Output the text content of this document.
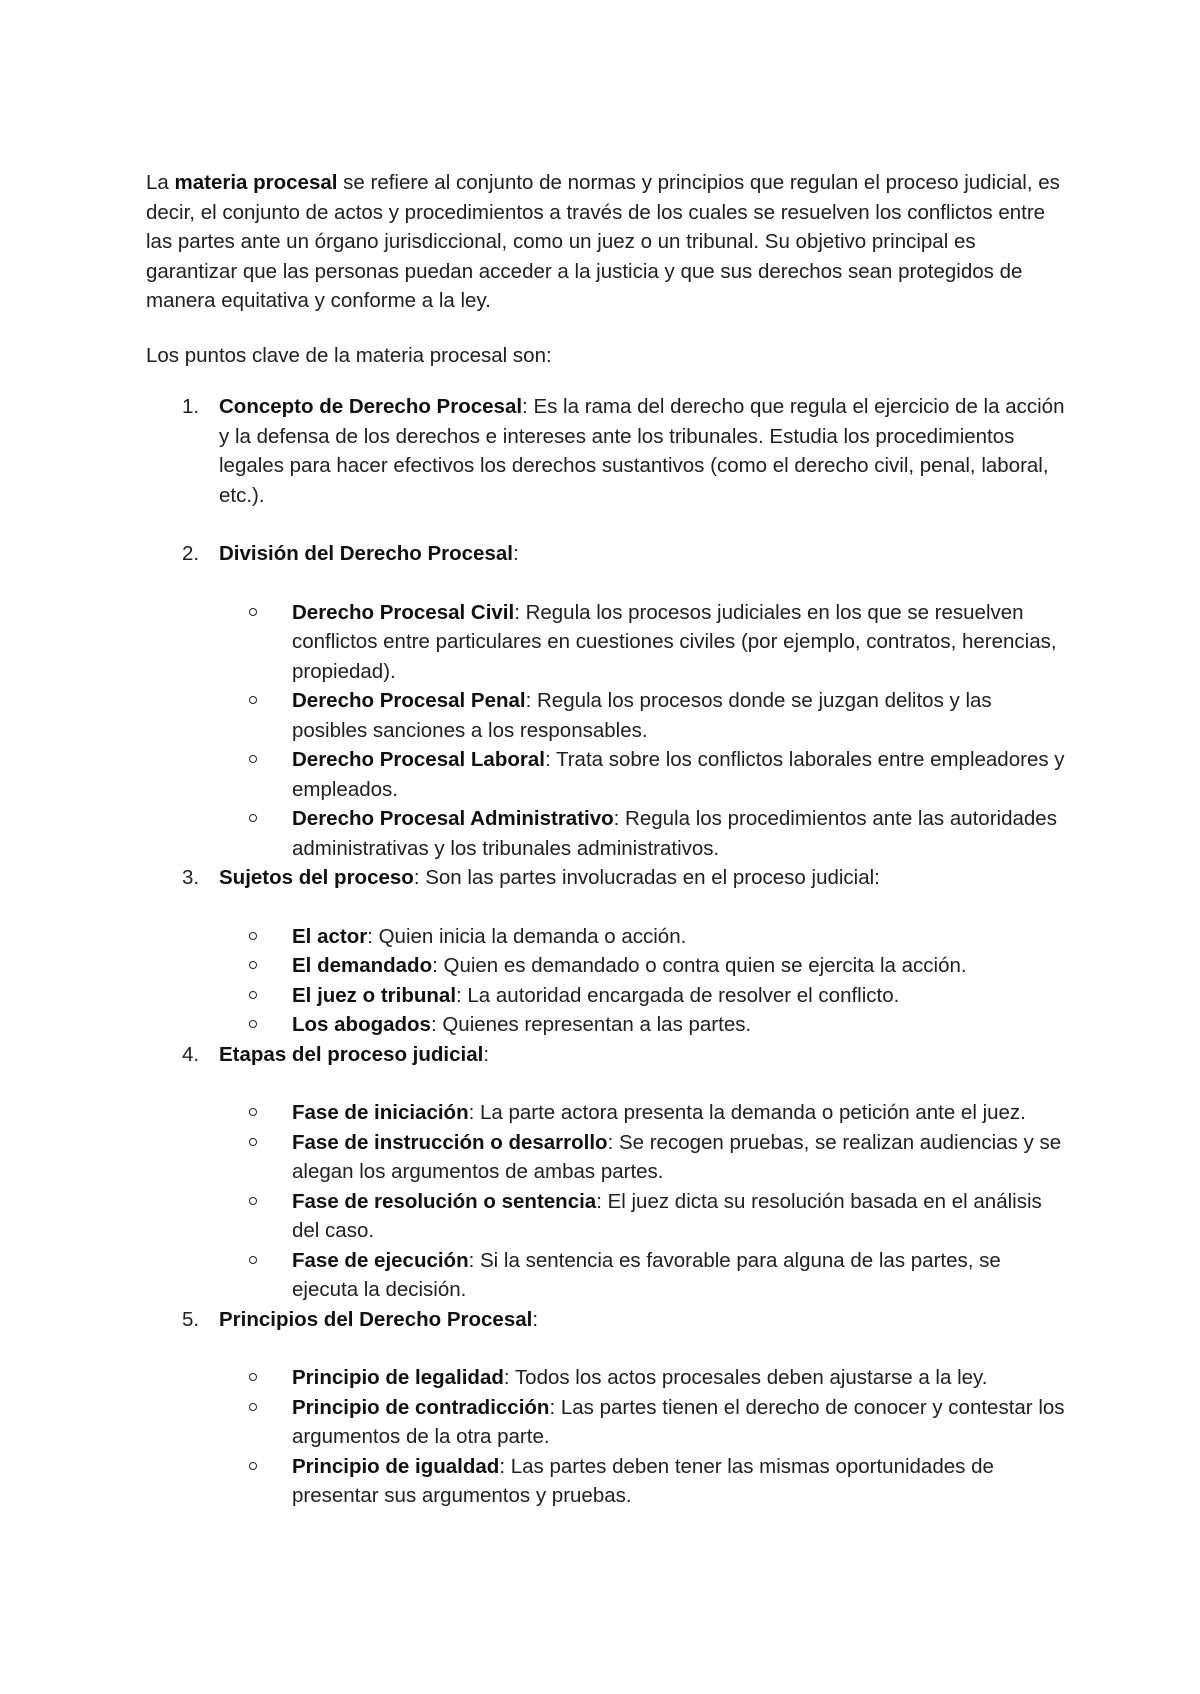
La materia procesal se refiere al conjunto de normas y principios que regulan el proceso judicial, es decir, el conjunto de actos y procedimientos a través de los cuales se resuelven los conflictos entre las partes ante un órgano jurisdiccional, como un juez o un tribunal. Su objetivo principal es garantizar que las personas puedan acceder a la justicia y que sus derechos sean protegidos de manera equitativa y conforme a la ley.

Los puntos clave de la materia procesal son:

1. Concepto de Derecho Procesal: Es la rama del derecho que regula el ejercicio de la acción y la defensa de los derechos e intereses ante los tribunales. Estudia los procedimientos legales para hacer efectivos los derechos sustantivos (como el derecho civil, penal, laboral, etc.).
2. División del Derecho Procesal:
Derecho Procesal Civil: Regula los procesos judiciales en los que se resuelven conflictos entre particulares en cuestiones civiles (por ejemplo, contratos, herencias, propiedad).
Derecho Procesal Penal: Regula los procesos donde se juzgan delitos y las posibles sanciones a los responsables.
Derecho Procesal Laboral: Trata sobre los conflictos laborales entre empleadores y empleados.
Derecho Procesal Administrativo: Regula los procedimientos ante las autoridades administrativas y los tribunales administrativos.
3. Sujetos del proceso: Son las partes involucradas en el proceso judicial:
El actor: Quien inicia la demanda o acción.
El demandado: Quien es demandado o contra quien se ejercita la acción.
El juez o tribunal: La autoridad encargada de resolver el conflicto.
Los abogados: Quienes representan a las partes.
4. Etapas del proceso judicial:
Fase de iniciación: La parte actora presenta la demanda o petición ante el juez.
Fase de instrucción o desarrollo: Se recogen pruebas, se realizan audiencias y se alegan los argumentos de ambas partes.
Fase de resolución o sentencia: El juez dicta su resolución basada en el análisis del caso.
Fase de ejecución: Si la sentencia es favorable para alguna de las partes, se ejecuta la decisión.
5. Principios del Derecho Procesal:
Principio de legalidad: Todos los actos procesales deben ajustarse a la ley.
Principio de contradicción: Las partes tienen el derecho de conocer y contestar los argumentos de la otra parte.
Principio de igualdad: Las partes deben tener las mismas oportunidades de presentar sus argumentos y pruebas.
